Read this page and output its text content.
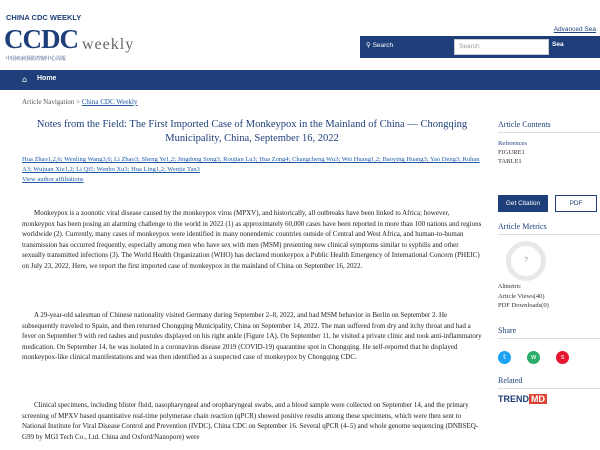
CHINA CDC WEEKLY
CCDC weekly
中国疾病预防控制中心周报
Advanced Sea
⚲ Search	Search	Sea
⌂	Home
Article Navigation > China CDC Weekly
Notes from the Field: The First Imported Case of Monkeypox in the Mainland of China — Chongqing Municipality, China, September 16, 2022
Hua Zhao1,2,6; Wenling Wang3,6; Li Zhao3; Sheng Ye1,2; Jingdong Song3; Roujian Lu3; Hua Zong4; Changcheng Wu3; Wei Huang1,2; Baoying Huang3; Yao Deng3; Ruhan A3; Wujuan Xie1,2; Li Qi5; Wenbo Xu3; Hua Ling1,2; Wenjie Tan3
View author affiliations
Monkeypox is a zoonotic viral disease caused by the monkeypox virus (MPXV), and historically, all outbreaks have been linked to Africa; however, monkeypox has been posing an alarming challenge to the world in 2022 (1) as approximately 60,000 cases have been reported in more than 100 nations and regions worldwide (2). Currently, many cases of monkeypox were identified in many nonendemic countries outside of Central and West Africa, and human-to-human transmission has occurred frequently, especially among men who have sex with men (MSM) presenting new clinical symptoms similar to syphilis and other sexually transmitted infections (3). The World Health Organization (WHO) has declared monkeypox a Public Health Emergency of International Concern (PHEIC) on July 23, 2022. Here, we report the first imported case of monkeypox in the mainland of China on September 16, 2022.
A 29-year-old salesman of Chinese nationality visited Germany during September 2–8, 2022, and had MSM behavior in Berlin on September 2. He subsequently traveled to Spain, and then returned Chongqing Municipality, China on September 14, 2022. The man suffered from dry and itchy throat and had a fever on September 9 with red rashes and pustules displayed on his right ankle (Figure 1A). On September 11, he visited a private clinic and took anti-inflammatory medication. On September 14, he was isolated in a coronavirus disease 2019 (COVID-19) quarantine spot in Chongqing. He self-reported that he displayed monkeypox-like clinical manifestations and was then identified as a suspected case of monkeypox by Chongqing CDC.
Clinical specimens, including blister fluid, nasopharyngeal and oropharyngeal swabs, and a blood sample were collected on September 14, and the primary screening of MPXV based quantitative real-time polymerase chain reaction (qPCR) showed positive results among these specimens, which were then sent to National Institute for Viral Disease Control and Prevention (IVDC), China CDC on September 16. Several qPCR (4–5) and whole genome sequencing (DNBSEQ-G99 by MGI Tech Co., Ltd. China and Oxford/Nanopore) were
Article Contents
References
FIGURE1
TABLE1
Get Citation	PDF
Article Metrics
?
Altmetric
Article Views(40)
PDF Downloads(0)
Share
t	w	s
Related
TREND MD
